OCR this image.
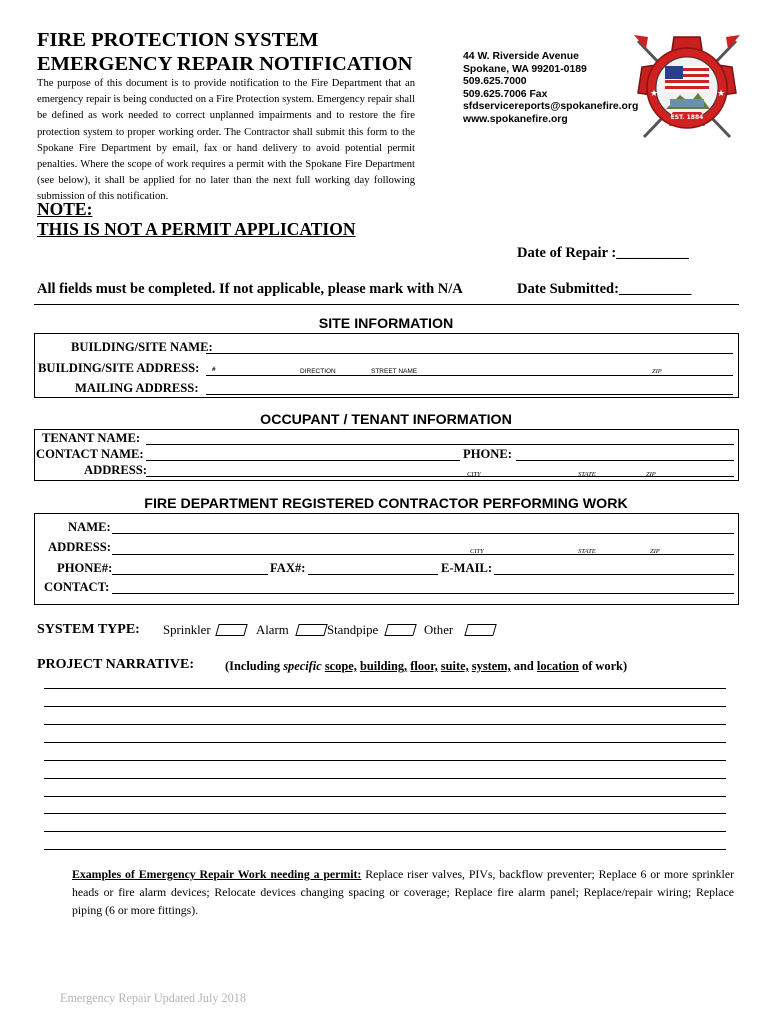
FIRE PROTECTION SYSTEM
EMERGENCY REPAIR NOTIFICATION
The purpose of this document is to provide notification to the Fire Department that an emergency repair is being conducted on a Fire Protection system. Emergency repair shall be defined as work needed to correct unplanned impairments and to restore the fire protection system to proper working order. The Contractor shall submit this form to the Spokane Fire Department by email, fax or hand delivery to avoid potential permit penalties. Where the scope of work requires a permit with the Spokane Fire Department (see below), it shall be applied for no later than the next full working day following submission of this notification.
44 W. Riverside Avenue
Spokane, WA 99201-0189
509.625.7000
509.625.7006 Fax
sfdservicereports@spokanefire.org
www.spokanefire.org	EST. 1884
★	★
NOTE:
THIS IS NOT A PERMIT APPLICATION
Date of Repair :__________
All fields must be completed. If not applicable, please mark with N/A	Date Submitted:__________
SITE INFORMATION
BUILDING/SITE NAME:
BUILDING/SITE ADDRESS: #	DIRECTION	STREET NAME	ZIP
MAILING ADDRESS:
OCCUPANT / TENANT INFORMATION
TENANT NAME:
CONTACT NAME:	PHONE:
ADDRESS:	CITY	STATE	ZIP
FIRE DEPARTMENT REGISTERED CONTRACTOR PERFORMING WORK
NAME:
ADDRESS:	CITY	STATE	ZIP
PHONE#:	FAX#:	E-MAIL:
CONTACT:
SYSTEM TYPE: Sprinkler	Alarm	Standpipe	Other
PROJECT NARRATIVE:	(Including specific scope, building, floor, suite, system, and location of work)
Examples of Emergency Repair Work needing a permit: Replace riser valves, PIVs, backflow preventer; Replace 6 or more sprinkler heads or fire alarm devices; Relocate devices changing spacing or coverage; Replace fire alarm panel; Replace/repair wiring; Replace piping (6 or more fittings).
Emergency Repair Updated July 2018
